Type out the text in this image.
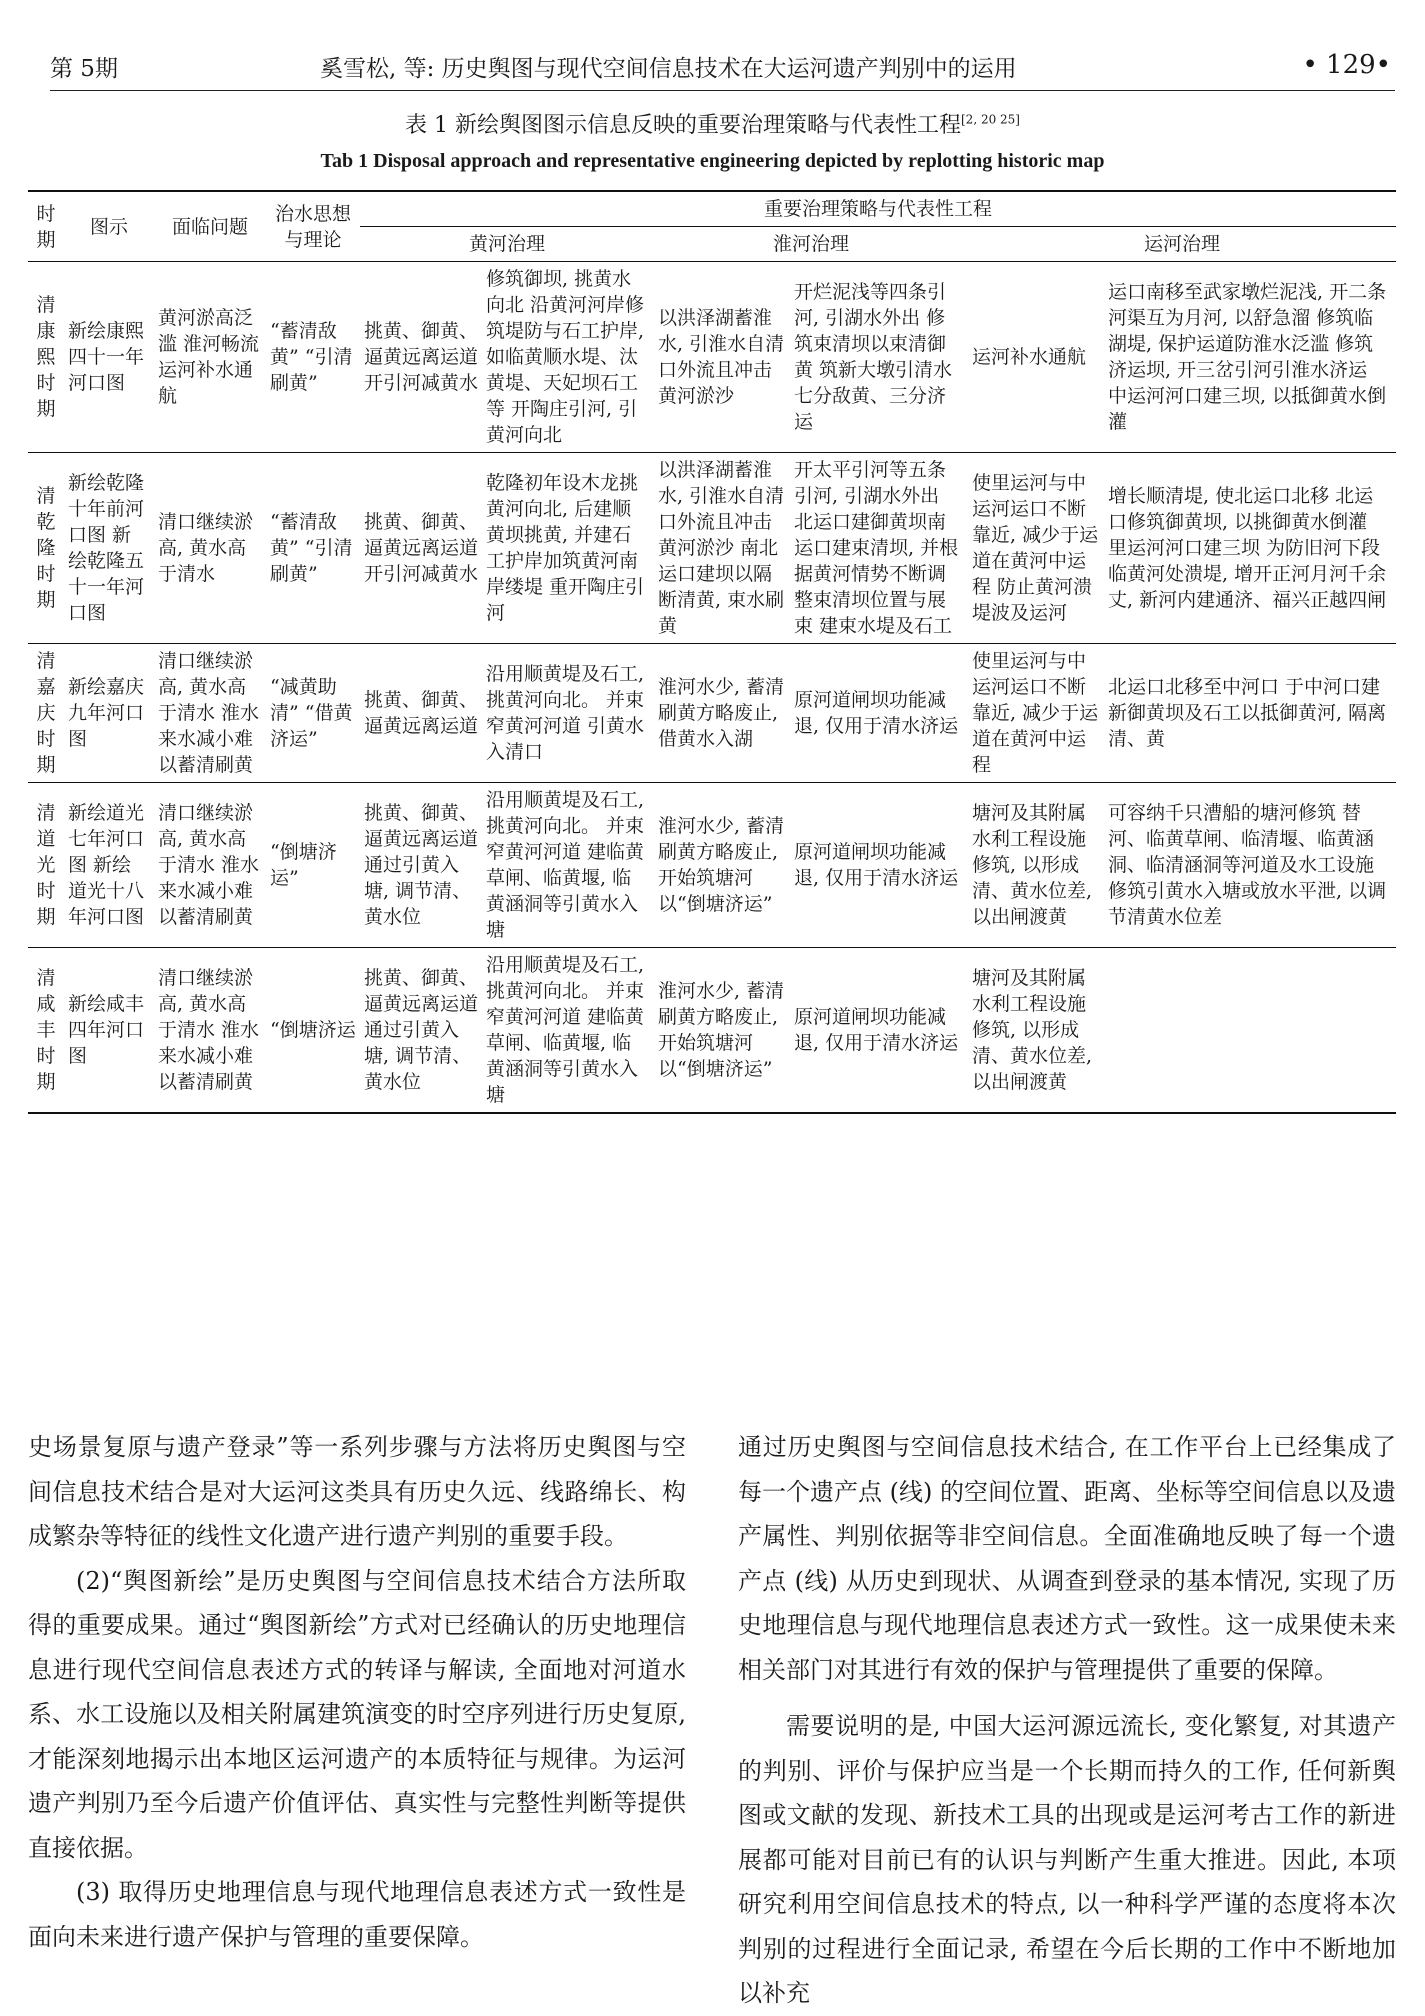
第 5期	奚雪松, 等: 历史舆图与现代空间信息技术在大运河遗产判别中的运用	• 129•
表 1 新绘舆图图示信息反映的重要治理策略与代表性工程[2, 20 25]
Tab 1 Disposal approach and representative engineering depicted by replotting historic map
时期	图示	面临问题	治水思想与理论	重要治理策略与代表性工程					
				黄河治理		淮河治理		运河治理	

清
康
熙
时
期	新绘康熙四十一年河口图	黄河淤高泛滥 淮河畅流 运河补水通航	“蓄清敌黄” “引清刷黄”	挑黄、御黄、逼黄远离运道 开引河减黄水	修筑御坝, 挑黄水向北 沿黄河河岸修筑堤防与石工护岸, 如临黄顺水堤、汰黄堤、天妃坝石工等 开陶庄引河, 引黄河向北	以洪泽湖蓄淮水, 引淮水自清口外流且冲击黄河淤沙	开烂泥浅等四条引河, 引湖水外出 修筑束清坝以束清御黄 筑新大墩引清水七分敌黄、三分济运	运河补水通航	运口南移至武家墩烂泥浅, 开二条河渠互为月河, 以舒急溜 修筑临湖堤, 保护运道防淮水泛滥 修筑济运坝, 开三岔引河引淮水济运 中运河河口建三坝, 以抵御黄水倒灌

清
乾
隆
时
期	新绘乾隆十年前河口图 新绘乾隆五十一年河口图	清口继续淤高, 黄水高于清水	“蓄清敌黄” “引清刷黄”	挑黄、御黄、逼黄远离运道 开引河减黄水	乾隆初年设木龙挑黄河向北, 后建顺黄坝挑黄, 并建石工护岸加筑黄河南岸缕堤 重开陶庄引河	以洪泽湖蓄淮水, 引淮水自清口外流且冲击黄河淤沙 南北运口建坝以隔断清黄, 束水刷黄	开太平引河等五条引河, 引湖水外出 北运口建御黄坝南运口建束清坝, 并根据黄河情势不断调整束清坝位置与展束 建束水堤及石工	使里运河与中运河运口不断靠近, 减少于运道在黄河中运程 防止黄河溃堤波及运河	增长顺清堤, 使北运口北移 北运口修筑御黄坝, 以挑御黄水倒灌 里运河河口建三坝 为防旧河下段临黄河处溃堤, 增开正河月河千余丈, 新河内建通济、福兴正越四闸

清
嘉
庆
时
期	新绘嘉庆九年河口图	清口继续淤高, 黄水高于清水 淮水来水减小难以蓄清刷黄	“减黄助清” “借黄济运”	挑黄、御黄、逼黄远离运道	沿用顺黄堤及石工, 挑黄河向北。 并束窄黄河河道 引黄水入清口	淮河水少, 蓄清刷黄方略废止, 借黄水入湖	原河道闸坝功能减退, 仅用于清水济运	使里运河与中运河运口不断靠近, 减少于运道在黄河中运程	北运口北移至中河口 于中河口建新御黄坝及石工以抵御黄河, 隔离清、黄

清
道
光
时
期	新绘道光七年河口图 新绘道光十八年河口图	清口继续淤高, 黄水高于清水 淮水来水减小难以蓄清刷黄	“倒塘济运”	挑黄、御黄、逼黄远离运道 通过引黄入塘, 调节清、黄水位	沿用顺黄堤及石工, 挑黄河向北。 并束窄黄河河道 建临黄草闸、临黄堰, 临黄涵洞等引黄水入塘	淮河水少, 蓄清刷黄方略废止, 开始筑塘河以“倒塘济运”	原河道闸坝功能减退, 仅用于清水济运	塘河及其附属水利工程设施修筑, 以形成清、黄水位差, 以出闸渡黄	可容纳千只漕船的塘河修筑 替河、临黄草闸、临清堰、临黄涵洞、临清涵洞等河道及水工设施修筑引黄水入塘或放水平泄, 以调节清黄水位差

清
咸
丰
时
期	新绘咸丰四年河口图	清口继续淤高, 黄水高于清水 淮水来水减小难以蓄清刷黄	“倒塘济运	挑黄、御黄、逼黄远离运道 通过引黄入塘, 调节清、黄水位	沿用顺黄堤及石工, 挑黄河向北。 并束窄黄河河道 建临黄草闸、临黄堰, 临黄涵洞等引黄水入塘	淮河水少, 蓄清刷黄方略废止, 开始筑塘河以“倒塘济运”	原河道闸坝功能减退, 仅用于清水济运	塘河及其附属水利工程设施修筑, 以形成清、黄水位差, 以出闸渡黄	

史场景复原与遗产登录”等一系列步骤与方法将历史舆图与空间信息技术结合是对大运河这类具有历史久远、线路绵长、构成繁杂等特征的线性文化遗产进行遗产判别的重要手段。

(2)“舆图新绘”是历史舆图与空间信息技术结合方法所取得的重要成果。通过“舆图新绘”方式对已经确认的历史地理信息进行现代空间信息表述方式的转译与解读, 全面地对河道水系、水工设施以及相关附属建筑演变的时空序列进行历史复原, 才能深刻地揭示出本地区运河遗产的本质特征与规律。为运河遗产判别乃至今后遗产价值评估、真实性与完整性判断等提供直接依据。

(3) 取得历史地理信息与现代地理信息表述方式一致性是面向未来进行遗产保护与管理的重要保障。

通过历史舆图与空间信息技术结合, 在工作平台上已经集成了每一个遗产点 (线) 的空间位置、距离、坐标等空间信息以及遗产属性、判别依据等非空间信息。全面准确地反映了每一个遗产点 (线) 从历史到现状、从调查到登录的基本情况, 实现了历史地理信息与现代地理信息表述方式一致性。这一成果使未来相关部门对其进行有效的保护与管理提供了重要的保障。

需要说明的是, 中国大运河源远流长, 变化繁复, 对其遗产的判别、评价与保护应当是一个长期而持久的工作, 任何新舆图或文献的发现、新技术工具的出现或是运河考古工作的新进展都可能对目前已有的认识与判断产生重大推进。因此, 本项研究利用空间信息技术的特点, 以一种科学严谨的态度将本次判别的过程进行全面记录, 希望在今后长期的工作中不断地加以补充
